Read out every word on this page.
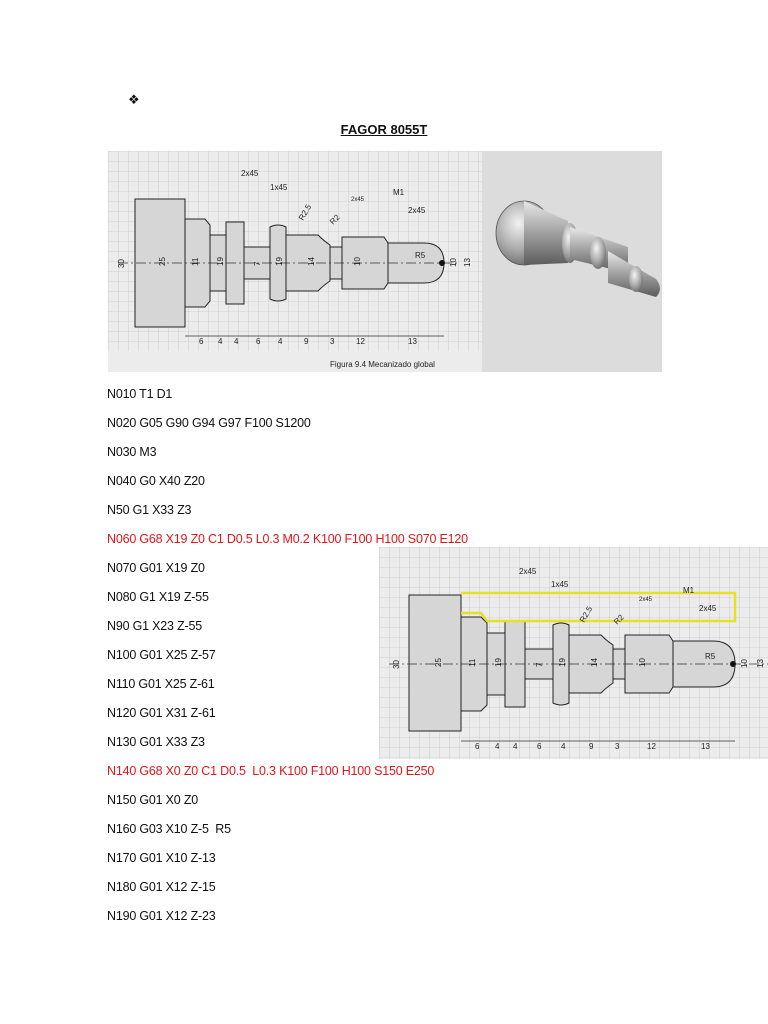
❖
FAGOR 8055T
2x45
1x45
2x45
2x45
M1
R2.5 R2
R5
30	25	11 19	7 19	14	10	10 13
6 4 4 6 4	9	3	12	13
Figura 9.4 Mecanizado global
2x45
1x45
2x45
2x45
M1
R2.5 R2
R5
30	25	11 19	7 19	14	10	10 13
6 4 4 6 4	9	3	12	13
N010 T1 D1
N020 G05 G90 G94 G97 F100 S1200
N030 M3
N040 G0 X40 Z20
N50 G1 X33 Z3
N060 G68 X19 Z0 C1 D0.5 L0.3 M0.2 K100 F100 H100 S070 E120
N070 G01 X19 Z0
N080 G1 X19 Z-55
N90 G1 X23 Z-55
N100 G01 X25 Z-57
N110 G01 X25 Z-61
N120 G01 X31 Z-61
N130 G01 X33 Z3
N140 G68 X0 Z0 C1 D0.5  L0.3 K100 F100 H100 S150 E250
N150 G01 X0 Z0
N160 G03 X10 Z-5  R5
N170 G01 X10 Z-13
N180 G01 X12 Z-15
N190 G01 X12 Z-23
